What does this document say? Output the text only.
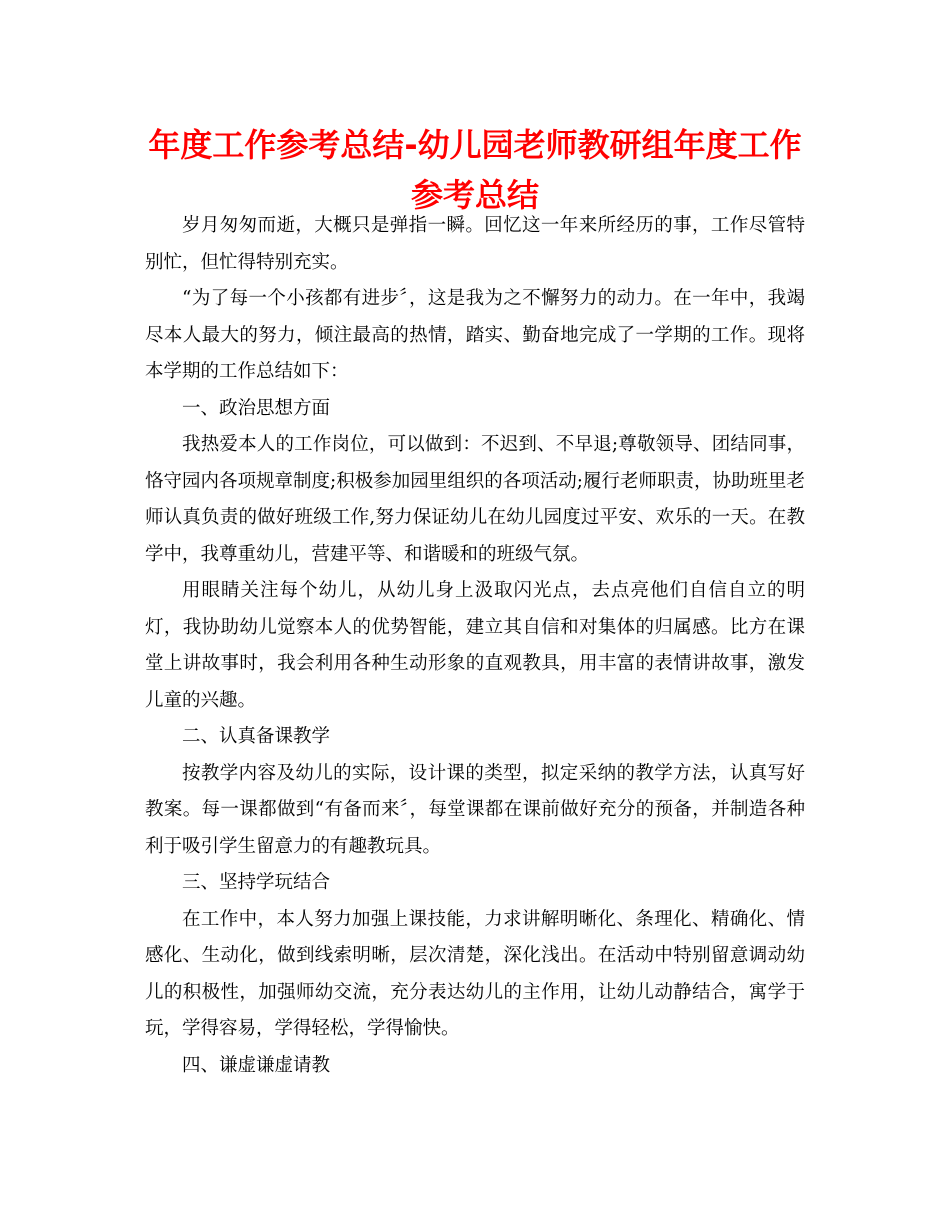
年度工作参考总结-幼儿园老师教研组年度工作参考总结

岁月匆匆而逝，大概只是弹指一瞬。回忆这一年来所经历的事，工作尽管特别忙，但忙得特别充实。

“为了每一个小孩都有进步〞，这是我为之不懈努力的动力。在一年中，我竭尽本人最大的努力，倾注最高的热情，踏实、勤奋地完成了一学期的工作。现将本学期的工作总结如下：

一、政治思想方面

我热爱本人的工作岗位，可以做到：不迟到、不早退;尊敬领导、团结同事，恪守园内各项规章制度;积极参加园里组织的各项活动;履行老师职责，协助班里老师认真负责的做好班级工作,努力保证幼儿在幼儿园度过平安、欢乐的一天。在教学中，我尊重幼儿，营建平等、和谐暖和的班级气氛。

用眼睛关注每个幼儿，从幼儿身上汲取闪光点，去点亮他们自信自立的明灯，我协助幼儿觉察本人的优势智能，建立其自信和对集体的归属感。比方在课堂上讲故事时，我会利用各种生动形象的直观教具，用丰富的表情讲故事，激发儿童的兴趣。

二、认真备课教学

按教学内容及幼儿的实际，设计课的类型，拟定采纳的教学方法，认真写好教案。每一课都做到“有备而来〞，每堂课都在课前做好充分的预备，并制造各种利于吸引学生留意力的有趣教玩具。

三、坚持学玩结合

在工作中，本人努力加强上课技能，力求讲解明晰化、条理化、精确化、情感化、生动化，做到线索明晰，层次清楚，深化浅出。在活动中特别留意调动幼儿的积极性，加强师幼交流，充分表达幼儿的主作用，让幼儿动静结合，寓学于玩，学得容易，学得轻松，学得愉快。

四、谦虚谦虚请教
